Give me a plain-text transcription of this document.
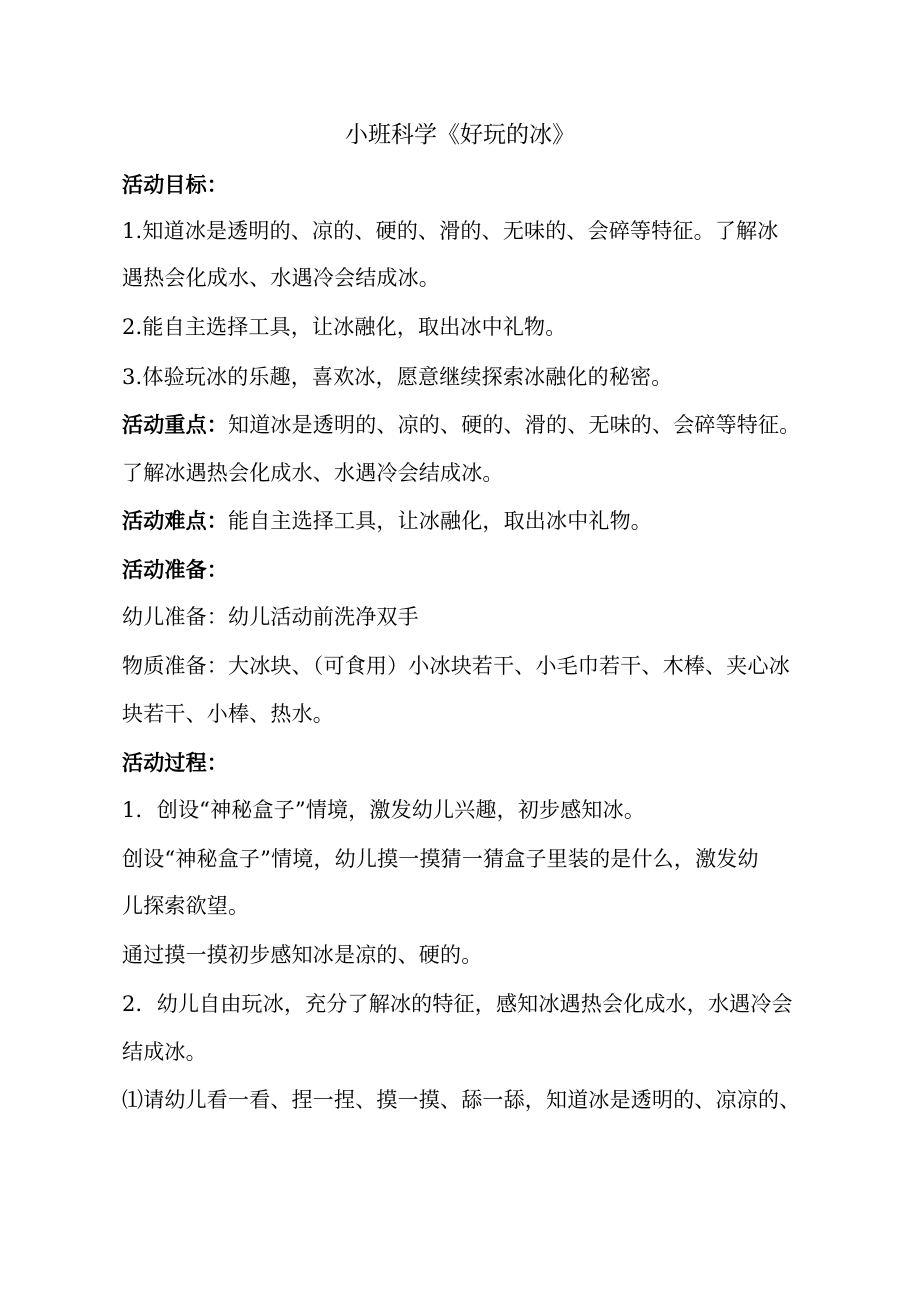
小班科学《好玩的冰》
活动目标：
1.知道冰是透明的、凉的、硬的、滑的、无味的、会碎等特征。了解冰
遇热会化成水、水遇冷会结成冰。
2.能自主选择工具，让冰融化，取出冰中礼物。
3.体验玩冰的乐趣，喜欢冰，愿意继续探索冰融化的秘密。
活动重点：知道冰是透明的、凉的、硬的、滑的、无味的、会碎等特征。
了解冰遇热会化成水、水遇冷会结成冰。
活动难点：能自主选择工具，让冰融化，取出冰中礼物。
活动准备：
幼儿准备：幼儿活动前洗净双手
物质准备：大冰块、（可食用）小冰块若干、小毛巾若干、木棒、夹心冰
块若干、小棒、热水。
活动过程：
1．创设“神秘盒子”情境，激发幼儿兴趣，初步感知冰。
创设“神秘盒子”情境，幼儿摸一摸猜一猜盒子里装的是什么，激发幼
儿探索欲望。
通过摸一摸初步感知冰是凉的、硬的。
2．幼儿自由玩冰，充分了解冰的特征，感知冰遇热会化成水，水遇冷会
结成冰。
⑴请幼儿看一看、捏一捏、摸一摸、舔一舔，知道冰是透明的、凉凉的、
